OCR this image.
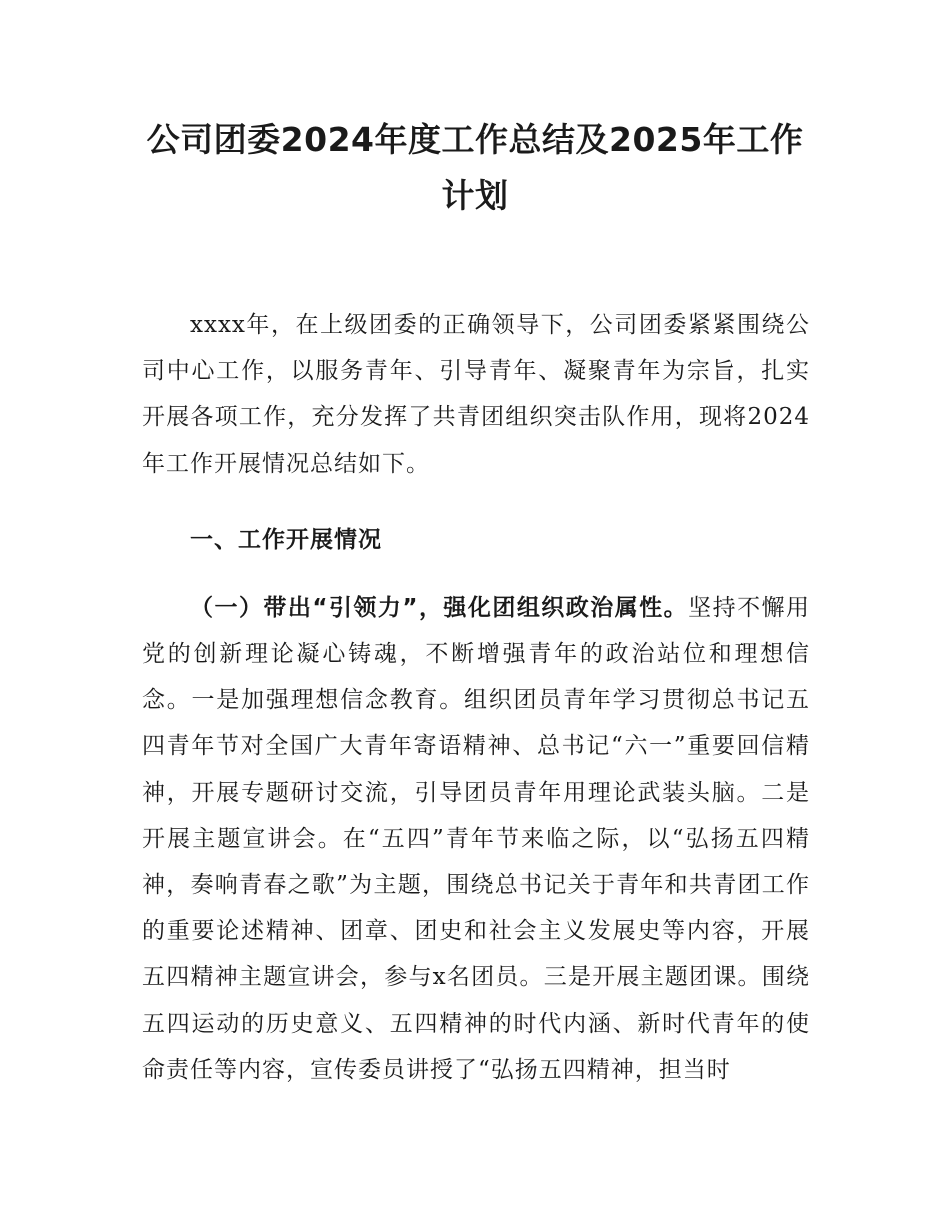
公司团委2024年度工作总结及2025年工作
计划

xxxx年，在上级团委的正确领导下，公司团委紧紧围绕公司中心工作，以服务青年、引导青年、凝聚青年为宗旨，扎实开展各项工作，充分发挥了共青团组织突击队作用，现将2024年工作开展情况总结如下。

一、工作开展情况

（一）带出“引领力”，强化团组织政治属性。坚持不懈用党的创新理论凝心铸魂，不断增强青年的政治站位和理想信念。一是加强理想信念教育。组织团员青年学习贯彻总书记五四青年节对全国广大青年寄语精神、总书记“六一”重要回信精神，开展专题研讨交流，引导团员青年用理论武装头脑。二是开展主题宣讲会。在“五四”青年节来临之际，以“弘扬五四精神，奏响青春之歌”为主题，围绕总书记关于青年和共青团工作的重要论述精神、团章、团史和社会主义发展史等内容，开展五四精神主题宣讲会，参与x名团员。三是开展主题团课。围绕五四运动的历史意义、五四精神的时代内涵、新时代青年的使命责任等内容，宣传委员讲授了“弘扬五四精神，担当时
